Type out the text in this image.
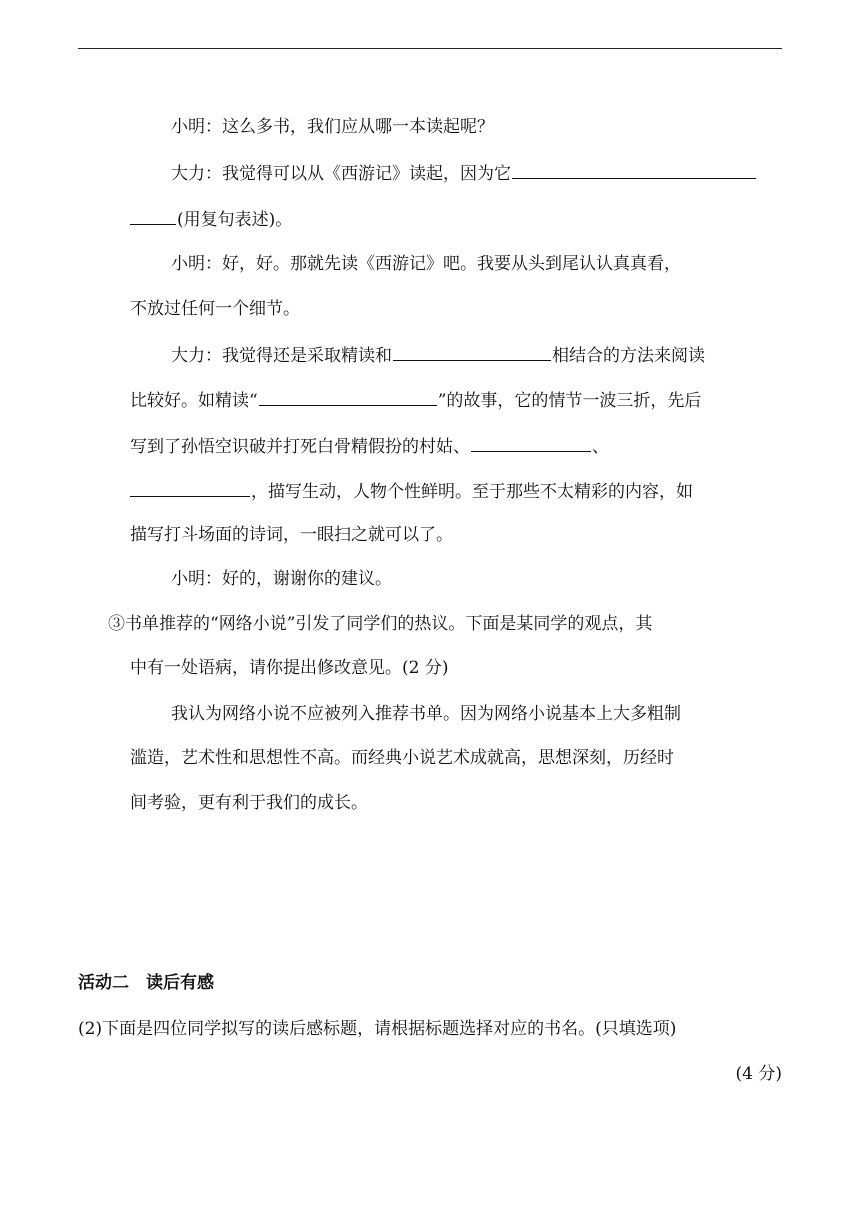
小明：这么多书，我们应从哪一本读起呢？
大力：我觉得可以从《西游记》读起，因为它
(用复句表述)。
小明：好，好。那就先读《西游记》吧。我要从头到尾认认真真看，
不放过任何一个细节。
大力：我觉得还是采取精读和	相结合的方法来阅读
比较好。如精读“	”的故事，它的情节一波三折，先后
写到了孙悟空识破并打死白骨精假扮的村姑、	、
，描写生动，人物个性鲜明。至于那些不太精彩的内容，如
描写打斗场面的诗词，一眼扫之就可以了。
小明：好的，谢谢你的建议。
③书单推荐的“网络小说”引发了同学们的热议。下面是某同学的观点，其
中有一处语病，请你提出修改意见。(2 分)
我认为网络小说不应被列入推荐书单。因为网络小说基本上大多粗制
滥造，艺术性和思想性不高。而经典小说艺术成就高，思想深刻，历经时
间考验，更有利于我们的成长。
活动二　读后有感
(2)下面是四位同学拟写的读后感标题，请根据标题选择对应的书名。(只填选项)
(4 分)
